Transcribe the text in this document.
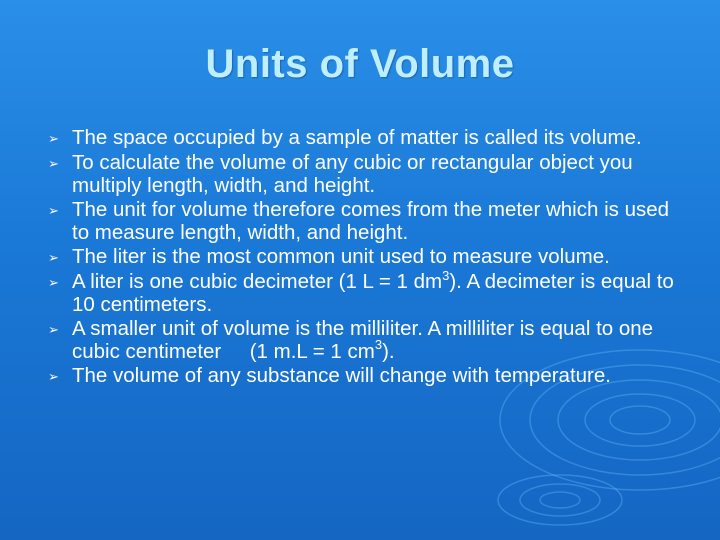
Units of Volume
➢ The space occupied by a sample of matter is called its volume.
➢ To calculate the volume of any cubic or rectangular object you multiply length, width, and height.
➢ The unit for volume therefore comes from the meter which is used to measure length, width, and height.
➢ The liter is the most common unit used to measure volume.
➢ A liter is one cubic decimeter (1 L = 1 $dm^3$). A decimeter is equal to 10 centimeters.
➢ A smaller unit of volume is the milliliter. A milliliter is equal to one cubic centimeter     (1 m.L = 1 $cm^3$).
➢ The volume of any substance will change with temperature.
